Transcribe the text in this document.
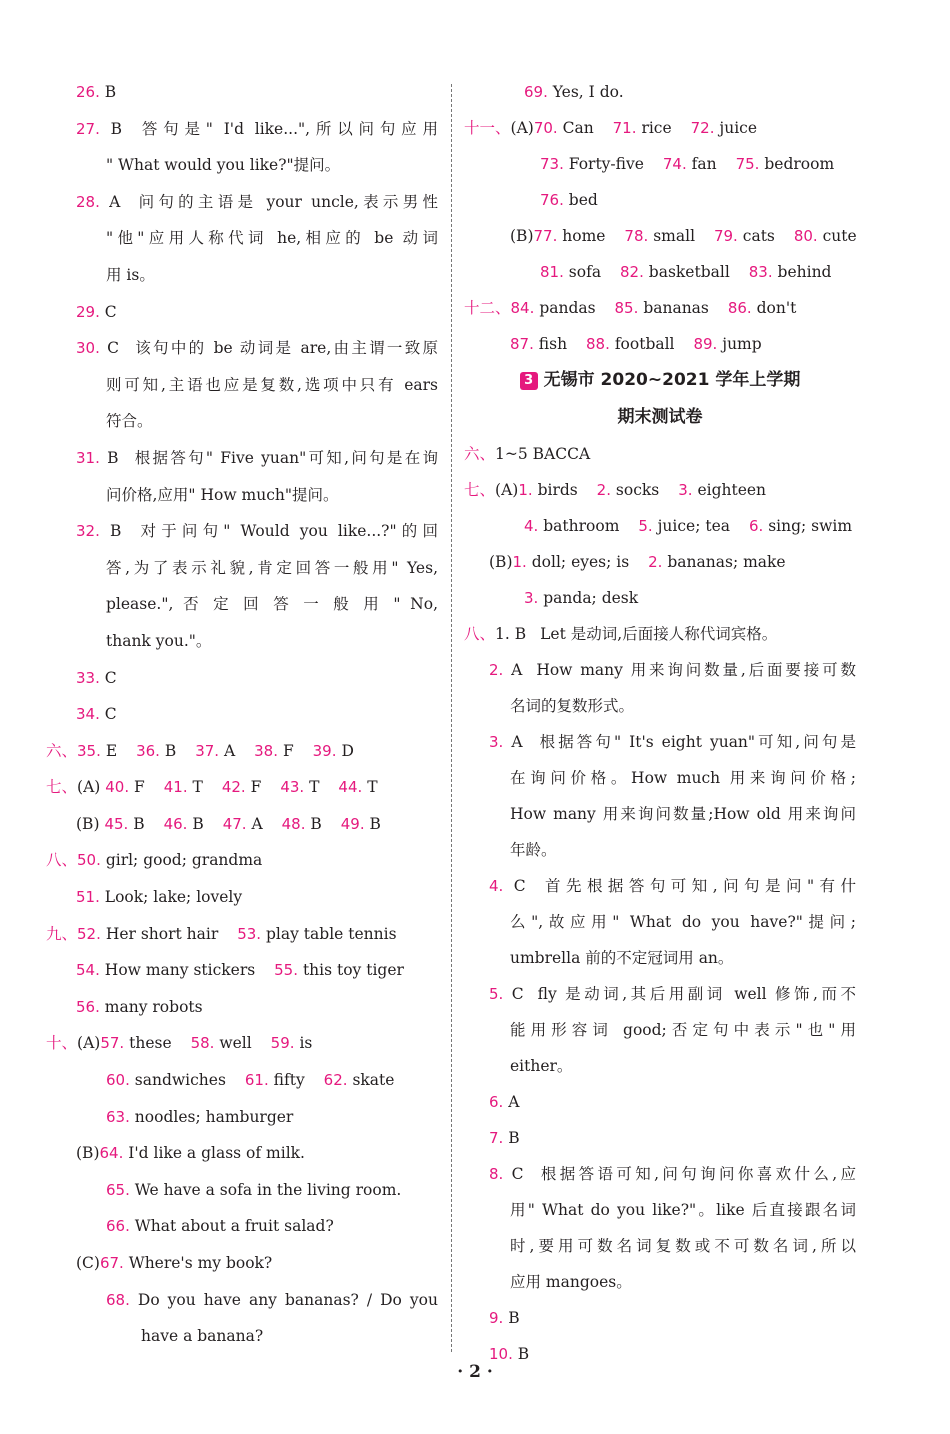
26. B
27. B 答句是" I'd like...",所以问句应用
" What would you like?"提问。
28. A 问句的主语是 your uncle,表示男性
"他"应用人称代词 he,相应的 be 动词
用 is。
29. C
30. C 该句中的 be 动词是 are,由主谓一致原
则可知,主语也应是复数,选项中只有 ears
符合。
31. B 根据答句" Five yuan"可知,问句是在询
问价格,应用" How much"提问。
32. B 对于问句" Would you like...?"的回
答,为了表示礼貌,肯定回答一般用" Yes,
please.", 否 定 回 答 一 般 用 " No,
thank you."。
33. C
34. C
六、35. E 36. B 37. A 38. F 39. D
七、(A) 40. F 41. T 42. F 43. T 44. T
(B) 45. B 46. B 47. A 48. B 49. B
八、50. girl; good; grandma
51. Look; lake; lovely
九、52. Her short hair 53. play table tennis
54. How many stickers 55. this toy tiger
56. many robots
十、(A)57. these 58. well 59. is
60. sandwiches 61. fifty 62. skate
63. noodles; hamburger
(B)64. I'd like a glass of milk.
65. We have a sofa in the living room.
66. What about a fruit salad?
(C)67. Where's my book?
68. Do you have any bananas? / Do you
have a banana?
69. Yes, I do.
十一、(A)70. Can 71. rice 72. juice
73. Forty-five 74. fan 75. bedroom
76. bed
(B)77. home 78. small 79. cats 80. cute
81. sofa 82. basketball 83. behind
十二、84. pandas 85. bananas 86. don't
87. fish 88. football 89. jump
3 无锡市 2020~2021 学年上学期
期末测试卷
六、1~5 BACCA
七、(A)1. birds 2. socks 3. eighteen
4. bathroom 5. juice; tea 6. sing; swim
(B)1. doll; eyes; is 2. bananas; make
3. panda; desk
八、1. B Let 是动词,后面接人称代词宾格。
2. A How many 用来询问数量,后面要接可数
名词的复数形式。
3. A 根据答句" It's eight yuan"可知,问句是
在询问价格。How much 用来询问价格;
How many 用来询问数量;How old 用来询问
年龄。
4. C 首先根据答句可知,问句是问"有什
么",故应用" What do you have?"提问;
umbrella 前的不定冠词用 an。
5. C fly 是动词,其后用副词 well 修饰,而不
能用形容词 good;否定句中表示"也"用
either。
6. A
7. B
8. C 根据答语可知,问句询问你喜欢什么,应
用" What do you like?"。like 后直接跟名词
时,要用可数名词复数或不可数名词,所以
应用 mangoes。
9. B
10. B
· 2 ·
